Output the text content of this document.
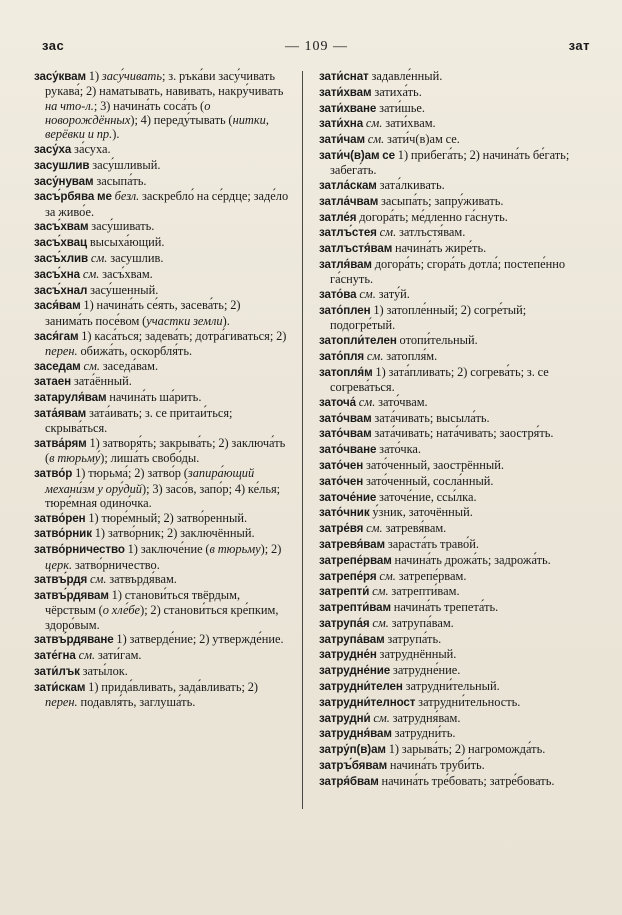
зас	— 109 —	зат

засу́квам 1) засу́чивать; з. ръка́ви засу́чивать рукава́; 2) наматывать, навивать, накру́чивать на что-л.; 3) начина́ть соса́ть (о новорождённых); 4) переду́тывать (нитки, верёвки и пр.).

засу́ха за́суха.

засушлив засу́шливый.

засу́нувам засыпа́ть.

засъ́рбява ме безл. заскребло́ на се́рдце; заде́ло за живо́е.

засъ́хвам засу́шивать.

засъ́хвац высыха́ющий.

засъ́хлив см. засушлив.

засъ́хна см. засъ́хвам.

засъ́хнал засу́шенный.

зася́вам 1) начина́ть се́ять, засева́ть; 2) занима́ть посе́вом (участки земли).

зася́гам 1) каса́ться; задева́ть; дотра́гиваться; 2) перен. обижа́ть, оскорбля́ть.

заседам см. заседа́вам.

затаен зата́ённый.

затаруля́вам начина́ть ша́рить.

зата́явам зата́ивать; з. се притаи́ться; скрыва́ться.

затва́рям 1) затворя́ть; закрыва́ть; 2) заключа́ть (в тюрьму́); лиша́ть свобо́ды.

затво́р 1) тюрьма́; 2) затво́р (запира́ющий механи́зм у ору́дий); 3) засо́в, запо́р; 4) ке́лья; тюре́мная одино́чка.

затво́рен 1) тюре́мный; 2) затво́ренный.

затво́рник 1) затво́рник; 2) заключённый.

затво́рничество 1) заключе́ние (в тюрьму); 2) церк. затво́рничество.

затвъ́рдя см. затвърдя́вам.

затвъ́рдявам 1) станови́ться твёрдым, чёрствым (о хле́бе); 2) станови́ться кре́пким, здоро́вым.

затвъ́рдяване 1) затверде́ние; 2) утвержде́ние.

зате́гна см. зати́гам.

зати́лък заты́лок.

зати́скам 1) прида́вливать, зада́вливать; 2) перен. подавля́ть, заглуша́ть.

зати́снат задавле́нный.

зати́хвам затиха́ть.

зати́хване зати́шье.

зати́хна см. зати́хвам.

зати́чам см. зати́ч(в)ам се.

зати́ч(в)ам се 1) прибега́ть; 2) начина́ть бе́гать; забега́ть.

затла́скам зата́лкивать.

затла́чвам засыпа́ть; запру́живать.

затле́я догора́ть; ме́дленно га́снуть.

затлъ́стея см. затлъстя́вам.

затлъстя́вам начина́ть жире́ть.

затля́вам догора́ть; сгора́ть дотла́; постепе́нно га́снуть.

зато́ва см. зату́й.

зато́плен 1) затопле́нный; 2) согре́тый; подогре́тый.

затопли́телен отопи́тельный.

зато́пля см. затопля́м.

затопля́м 1) зата́пливать; 2) согрева́ть; з. се согрева́ться.

заточа́ см. зато́чвам.

зато́чвам зата́чивать; высыла́ть.

зато́чвам зата́чивать; ната́чивать; заостря́ть.

зато́чване зато́чка.

зато́чен зато́ченный, заострённый.

зато́чен зато́ченный, сосла́нный.

заточе́ние заточе́ние, ссы́лка.

зато́чник у́зник, заточённый.

затре́вя см. затревя́вам.

затревя́вам зараста́ть траво́й.

затрепе́рвам начина́ть дрожа́ть; задрожа́ть.

затрепе́ря см. затрепе́рвам.

затрепти́ см. затрепти́вам.

затрепти́вам начина́ть трепета́ть.

затрупа́я см. затрупа́вам.

затрупа́вам затрупа́ть.

затрудне́н затруднённый.

затрудне́ние затрудне́ние.

затрудни́телен затрудни́тельный.

затрудни́телност затрудни́тельность.

затрудни́ см. затрудня́вам.

затрудня́вам затрудни́ть.

затру́п(в)ам 1) зарыва́ть; 2) нагроможда́ть.

затръ́бявам начина́ть труби́ть.

затря́бвам начина́ть тре́бовать; затре́бовать.
